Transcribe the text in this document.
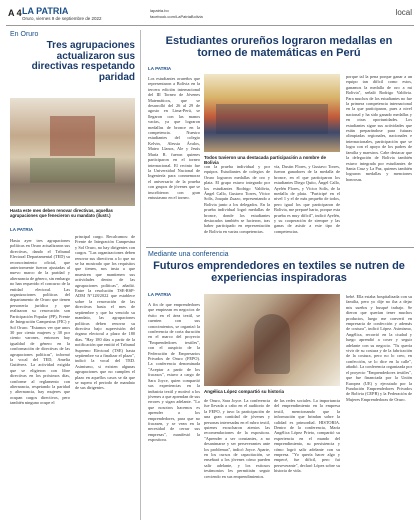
A 4 LA PATRIA
Oruro, viernes 9 de septiembre de 2022
lapatria.bo
facebook.com/LaPatriaBolivia	local
En Oruro
Tres agrupaciones actualizaron sus directivas respetando paridad
Hasta este mes deben renovar directivas, aquellas agrupaciones que fenecieron su mandato (ilustr.)
LA PATRIA
Hasta ayer tres agrupaciones políticas en Oruro actualizaron sus directivas, dando el Tribunal Electoral Departamental (TED) su reconocimiento oficial, que anteriormente fueron ajustadas al nuevo marco de la paridad y alternancia de género, sin embargo no han requerido el concurso de la entidad electoral. Las organizaciones políticas del departamento de Oruro que tienen personería jurídica y que realizaron su renovación son Participación Popular (PP), Frente de Integración Campesina (FIC) y Sol Oruro. "Estamos ver que unos 30 por ciento mujeres y 30 por ciento varones, entonces hay igualdad de género en la conformación de directivas de las agrupaciones políticas", informó la vocal del TED, Amelia Gutiérrez. La actividad exigida que se eligieron con libre directivas en los próximos días, conforme al reglamento con alternancia, respetando la paridad y alternancia, hay mujeres que ocupan cargos directivos, pero también ninguno ocupe el
principal cargo. Recalcamos: de Frente de Integración Campesina y Sol Oruro, no hay dirigentes con cargos. "Las organizaciones deben renovar sus directivas a lo que no se ha mostrado que los requisitos que tienen, nos insta a que muestren que mantienen sus actividades dentro de las agrupaciones políticas", añadió. Entre la resolución TSE-RSP-ADM N°128/2022 que establece sobre la renovación de las directivas hasta el mes de septiembre y que ha vencido su mandato, las agrupaciones políticas deben renovar su directiva bajo supervisión del órgano electoral a plazo de 180 días. "Hay 180 días a partir de la notificación que emitió el Tribunal Supremo Electoral (TSE) hasta septiembre va a finalizar el plazo", indicó la vocal del TED. Asimismo, si existen algunas agrupaciones que no cumplen el plazo en aquellos casos se da que se supera el periodo de mandato de sus dirigentes.
Estudiantes orureños lograron medallas en torneo de matemáticas en Perú
LA PATRIA
Los estudiantes orureños que representaron a Bolivia en la tercera edición internacional del III Torneo de Jóvenes Matemáticos, que se desarrolló del 26 al 29 de agosto en Lima-Perú, se llegaron con las manos vacías, ya que lograron medallas de bronce en la competencia. Nuestro estudiantes del colegio Kelvin, Alessia Ávalos, Mateo Llanos, Ale y Jesús María R. fueron quienes participaron en el torneo internacional. El recinto fue la Universidad Nacional de Ingeniería para conmemorar el aniversario de la prueba con grupos de jóvenes que se inscribieron con gran entusiasmo en el torneo.
Todos tuvieron una destacada participación a nombre de Bolivia
con la prueba individual y por equipos. Estudiantes de colegios de Oruro lograron medallas de oro y plata. El grupo estuvo integrado por los estudiantes Rodrigo Valdivia, Ángel Callo, Gustavo Torres, Víctor Solís, Joaquín Zuazo, representando a Bolivia junto a los delegados. En la prueba individual logró medallas de bronce, donde los estudiantes destacados también se lucieron, tras haber participado en representación de Bolivia en varias competencias.
vía, Dustin Flores, y Gustavo Torres, fueron ganadores de la medalla de bronce, en el que participaron los estudiantes Diego Quito, Ángel Callo, Ayelén Flores, y Víctor Solís, de la medalla de plata. "Participé en el nivel 1 y el de más pequeño de todos, pero igual los que participaron de Bolivia, me preparé harto, porque esta prueba es muy difícil", indicó Ayelén, y su cooperación de siempre y las ganas de asistir a este tipo de competencias.
porque tal la pena porque ganar a un equipo tan difícil como estos, ganamos la medalla de oro a mi Bolivia", señaló Rodrigo Valdivia. Para muchos de los estudiantes no fue la primera competencia internacional en la que participaron, pues a nivel nacional y ha sido ganado medallas y en otras oportunidades. Los estudiantes sigue sus actividades que están preparándose para futuras olimpiadas regionales, nacionales e internacionales, participación que se logra con el apoyo de los padres de familia y maestros. Cabe destacar que la delegación de Bolivia también estuvo integrada por estudiantes de Santa Cruz y La Paz, quienes también lograron medallas y menciones honrosas.
Mediante una conferencia
Futuros emprendedores en textiles se nutren de experiencias inspiradoras
LA PATRIA
A fin de que emprendedores que empiezan en negocios de éxito en el área textil, se cuenten con sus conocimientos, se organizó la conferencia de corta duración en el marco del proyecto "Emprendedores textiles", con el auspicio de la Federación de Empresarios Privados de Oruro (FEPO). La conferencia denominada "Aceptar a partir de los fracasos", estuvo a cargo de Sara Joyce, quien compartió sus experiencias en la industria textil y motivó a los jóvenes a que aprendan de sus errores y sigan adelante. "Lo que nosotros hacemos es aprender a los emprendedores, para que no fracasen, y se vean en la necesidad de cerrar sus empresas", manifestó la expositora.
Angélica López compartió su historia
de Oruro, Sara Joyce. La conferencia fue llevada a cabo en el auditorio de la FEPO, y tuvo la participación de una gran cantidad de jóvenes y personas interesadas en el rubro textil, quienes escucharon atentos las recomendaciones de la expositora. "Aprender a ser constantes, a no desanimarse y ser perseverantes ante los problemas", indicó Joyce. Aparte, en los cursos de capacitación, se enseñará a los jóvenes cómo pueden salir adelante, y los exitosos testimonios les permitirán seguir creciendo en sus emprendimientos.
de las redes sociales. La importancia del emprendimiento en la empresa textil, mencionando que la información que brindan sobre la calidad es primordial. HISTORIA. Dentro de la conferencia, María Angélica López Prieto, compartió su experiencia en el mundo del emprendimiento, su persistencia y cómo logró salir adelante con su empresa. "Yo quería hacer algo y empecé, fue difícil, pero fui perseverante", declaró López sobre su historia de vida.
bebé. Ella estaba hospitalizada con su familia, pero yo dije no iba a dejar mis sueños y busqué trabajo. Se dieron que querían tener muchos productos, luego me convertí en empresaria de confección y además de costura", indicó López. Asimismo, Angélica, recorrió en la ciudad y luego aprendió a coser y seguir adelante con su negocio. "Tu quería vivir de su costura y de la fabricación de la costura, pero no lo creo, en confección, se lo dice en la calle", añadió. La conferencia organizada por el proyecto "Emprendedores textiles", que fue financiada por la Unión Europea (UE) y ejecutado por la Fundación Emprendedores Privados de Bolivia (CEPB) y la Federación de Mujeres Emprendedoras de Oruro.
